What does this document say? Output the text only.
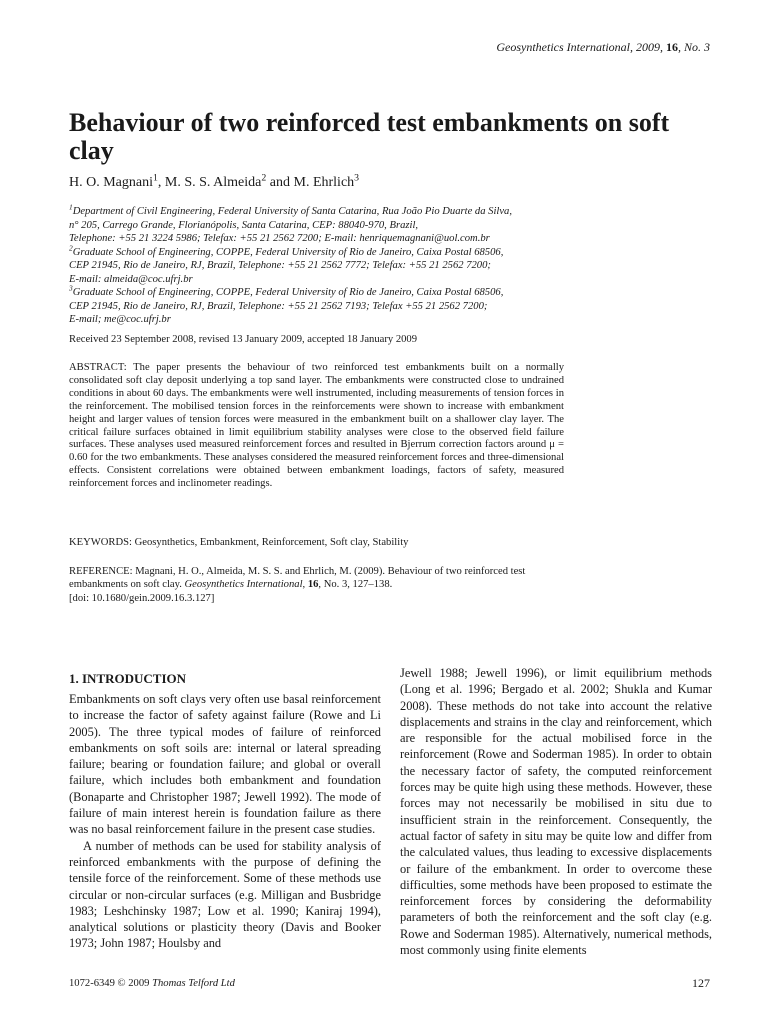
Geosynthetics International, 2009, 16, No. 3
Behaviour of two reinforced test embankments on soft clay
H. O. Magnani$^1$, M. S. S. Almeida$^2$ and M. Ehrlich$^3$
$^1$Department of Civil Engineering, Federal University of Santa Catarina, Rua João Pio Duarte da Silva,
n° 205, Carrego Grande, Florianópolis, Santa Catarina, CEP: 88040-970, Brazil,
Telephone: +55 21 3224 5986; Telefax: +55 21 2562 7200; E-mail: henriquemagnani@uol.com.br
$^2$Graduate School of Engineering, COPPE, Federal University of Rio de Janeiro, Caixa Postal 68506,
CEP 21945, Rio de Janeiro, RJ, Brazil, Telephone: +55 21 2562 7772; Telefax: +55 21 2562 7200;
E-mail: almeida@coc.ufrj.br
$^3$Graduate School of Engineering, COPPE, Federal University of Rio de Janeiro, Caixa Postal 68506,
CEP 21945, Rio de Janeiro, RJ, Brazil, Telephone: +55 21 2562 7193; Telefax +55 21 2562 7200;
E-mail; me@coc.ufrj.br
Received 23 September 2008, revised 13 January 2009, accepted 18 January 2009
ABSTRACT: The paper presents the behaviour of two reinforced test embankments built on a normally consolidated soft clay deposit underlying a top sand layer. The embankments were constructed close to undrained conditions in about 60 days. The embankments were well instrumented, including measurements of tension forces in the reinforcement. The mobilised tension forces in the reinforcements were shown to increase with embankment height and larger values of tension forces were measured in the embankment built on a shallower clay layer. The critical failure surfaces obtained in limit equilibrium stability analyses were close to the observed field failure surfaces. These analyses used measured reinforcement forces and resulted in Bjerrum correction factors around μ = 0.60 for the two embankments. These analyses considered the measured reinforcement forces and three-dimensional effects. Consistent correlations were obtained between embankment loadings, factors of safety, measured reinforcement forces and inclinometer readings.
KEYWORDS: Geosynthetics, Embankment, Reinforcement, Soft clay, Stability
REFERENCE: Magnani, H. O., Almeida, M. S. S. and Ehrlich, M. (2009). Behaviour of two reinforced test embankments on soft clay. Geosynthetics International, 16, No. 3, 127–138.
[doi: 10.1680/gein.2009.16.3.127]
1. INTRODUCTION

Embankments on soft clays very often use basal reinforcement to increase the factor of safety against failure (Rowe and Li 2005). The three typical modes of failure of reinforced embankments on soft soils are: internal or lateral spreading failure; bearing or foundation failure; and global or overall failure, which includes both embankment and foundation (Bonaparte and Christopher 1987; Jewell 1992). The mode of failure of main interest herein is foundation failure as there was no basal reinforcement failure in the present case studies.

A number of methods can be used for stability analysis of reinforced embankments with the purpose of defining the tensile force of the reinforcement. Some of these methods use circular or non-circular surfaces (e.g. Milligan and Busbridge 1983; Leshchinsky 1987; Low et al. 1990; Kaniraj 1994), analytical solutions or plasticity theory (Davis and Booker 1973; John 1987; Houlsby and

Jewell 1988; Jewell 1996), or limit equilibrium methods (Long et al. 1996; Bergado et al. 2002; Shukla and Kumar 2008). These methods do not take into account the relative displacements and strains in the clay and reinforcement, which are responsible for the actual mobilised force in the reinforcement (Rowe and Soderman 1985). In order to obtain the necessary factor of safety, the computed reinforcement forces may be quite high using these methods. However, these forces may not necessarily be mobilised in situ due to insufficient strain in the reinforcement. Consequently, the actual factor of safety in situ may be quite low and differ from the calculated values, thus leading to excessive displacements or failure of the embankment. In order to overcome these difficulties, some methods have been proposed to estimate the reinforcement forces by considering the deformability parameters of both the reinforcement and the soft clay (e.g. Rowe and Soderman 1985). Alternatively, numerical methods, most commonly using finite elements

1072-6349 © 2009 Thomas Telford Ltd	127
